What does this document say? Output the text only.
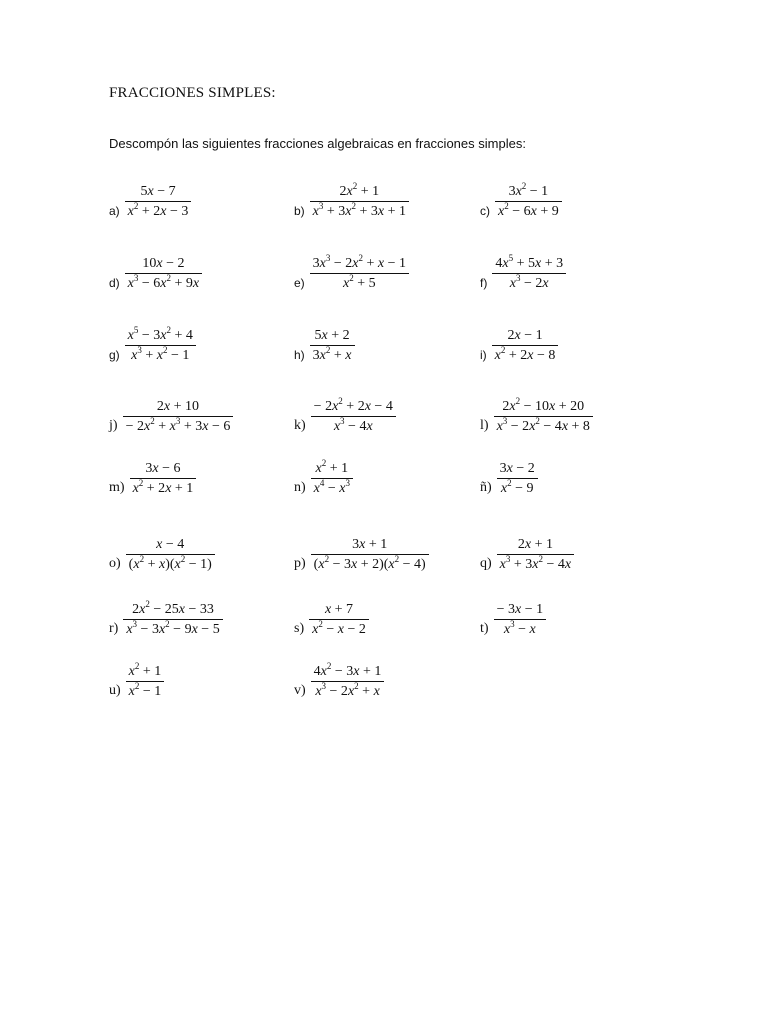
FRACCIONES SIMPLES:

Descompón las siguientes fracciones algebraicas en fracciones simples:

$a) \frac{5x - 7}{x^2 + 2x - 3}$	$b) \frac{2x^2 + 1}{x^3 + 3x^2 + 3x + 1}$	$c) \frac{3x^2 - 1}{x^2 - 6x + 9}$
$d) \frac{10x - 2}{x^3 - 6x^2 + 9x}$	$e) \frac{3x^3 - 2x^2 + x - 1}{x^2 + 5}$	$f) \frac{4x^5 + 5x + 3}{x^3 - 2x}$
$g) \frac{x^5 - 3x^2 + 4}{x^3 + x^2 - 1}$	$h) \frac{5x + 2}{3x^2 + x}$	$i) \frac{2x - 1}{x^2 + 2x - 8}$
$j) \frac{2x + 10}{- 2x^2 + x^3 + 3x - 6}$	$k) \frac{- 2x^2 + 2x - 4}{x^3 - 4x}$	$l) \frac{2x^2 - 10x + 20}{x^3 - 2x^2 - 4x + 8}$
$m) \frac{3x - 6}{x^2 + 2x + 1}$	$n) \frac{x^2 + 1}{x^4 - x^3}$	ñ) $\frac{3x - 2}{x^2 - 9}$
$o) \frac{x - 4}{(x^2 + x)(x^2 - 1)}$	$p) \frac{3x + 1}{(x^2 - 3x + 2)(x^2 - 4)}$	$q) \frac{2x + 1}{x^3 + 3x^2 - 4x}$
$r) \frac{2x^2 - 25x - 33}{x^3 - 3x^2 - 9x - 5}$	$s) \frac{x + 7}{x^2 - x - 2}$	$t) \frac{- 3x - 1}{x^3 - x}$
$u) \frac{x^2 + 1}{x^2 - 1}$	$v) \frac{4x^2 - 3x + 1}{x^3 - 2x^2 + x}$
